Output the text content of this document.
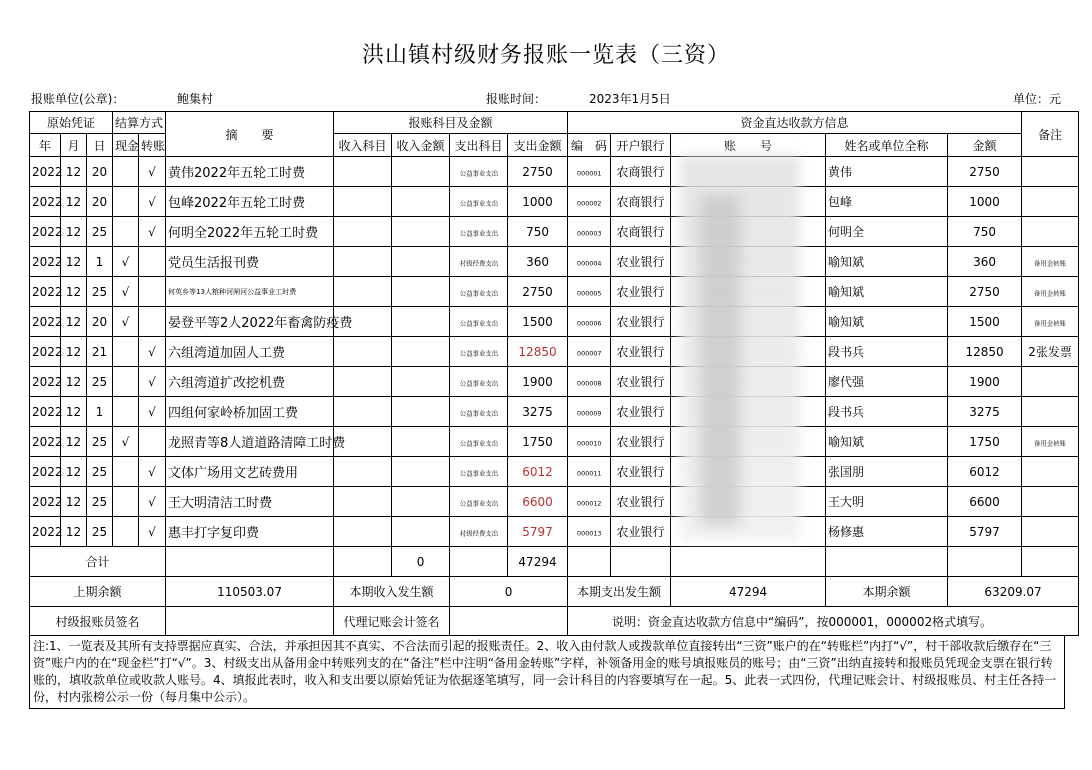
洪山镇村级财务报账一览表（三资）
报账单位(公章)：	鲍集村	报账时间：	2023年1月5日	单位：元
原始凭证			结算方式		摘　　要	报账科目及金额				资金直达收款方信息					备注
年	月	日	现金	转账		收入科目	收入金额	支出科目	支出金额	编　码	开户银行	账　　号	姓名或单位全称	金额	
2022	12	20		√	黄伟2022年五轮工时费			公益事业支出	2750	000001	农商银行		黄伟	2750	
2022	12	20		√	包峰2022年五轮工时费			公益事业支出	1000	000002	农商银行		包峰	1000	
2022	12	25		√	何明全2022年五轮工时费			公益事业支出	750	000003	农商银行		何明全	750	
2022	12	1	√		党员生活报刊费			村级经费支出	360	000004	农业银行		喻知斌	360	备用金转账
2022	12	25	√		何英乡等13人粮种河闸河公益事业工时费			公益事业支出	2750	000005	农业银行		喻知斌	2750	备用金转账
2022	12	20	√		晏登平等2人2022年畜禽防疫费			公益事业支出	1500	000006	农业银行		喻知斌	1500	备用金转账
2022	12	21		√	六组湾道加固人工费			公益事业支出	12850	000007	农业银行		段书兵	12850	2张发票
2022	12	25		√	六组湾道扩改挖机费			公益事业支出	1900	000008	农业银行		廖代强	1900	
2022	12	1		√	四组何家岭桥加固工费			公益事业支出	3275	000009	农业银行		段书兵	3275	
2022	12	25	√		龙照青等8人道道路清障工时费			公益事业支出	1750	000010	农业银行		喻知斌	1750	备用金转账
2022	12	25		√	文体广场用文艺砖费用			公益事业支出	6012	000011	农业银行		张国朋	6012	
2022	12	25		√	王大明清洁工时费			公益事业支出	6600	000012	农业银行		王大明	6600	
2022	12	25		√	惠丰打字复印费			村级经费支出	5797	000013	农业银行		杨修惠	5797	
合计							0		47294						
上期余额					110503.07	本期收入发生额		0		本期支出发生额		47294	本期余额	63209.07	
村级报账员签名						代理记账会计签名				说明：资金直达收款方信息中“编码”，按000001，000002格式填写。					
注:1、一览表及其所有支持票据应真实、合法，并承担因其不真实、不合法而引起的报账责任。2、收入由付款人或拨款单位直接转出“三资”账户的在“转账栏”内打“√”，村干部收款后缴存在“三资”账户内的在“现金栏”打“√”。3、村级支出从备用金中转账列支的在“备注”栏中注明“备用金转账”字样，补领备用金的账号填报账员的账号；由“三资”出纳直接转和报账员凭现金支票在银行转账的，填收款单位或收款人账号。4、填报此表时，收入和支出要以原始凭证为依据逐笔填写，同一会计科目的内容要填写在一起。5、此表一式四份，代理记账会计、村级报账员、村主任各持一份，村内张榜公示一份（每月集中公示）。
